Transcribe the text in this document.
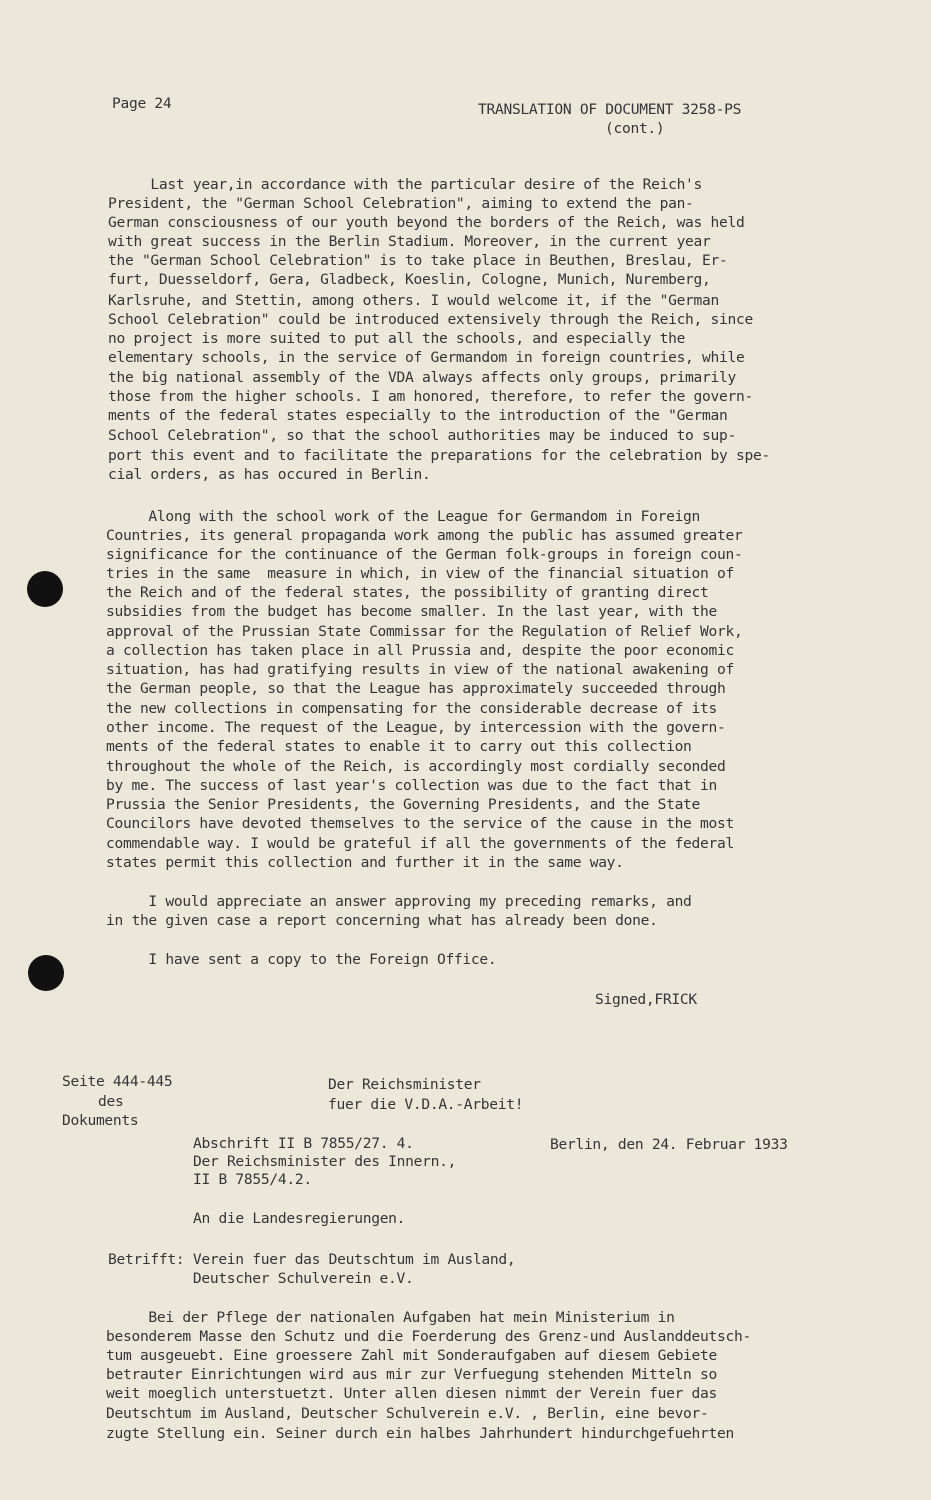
Page 24	TRANSLATION OF DOCUMENT 3258-PS
(cont.)
Last year,in accordance with the particular desire of the Reich's
President, the "German School Celebration", aiming to extend the pan-
German consciousness of our youth beyond the borders of the Reich, was held
with great success in the Berlin Stadium. Moreover, in the current year
the "German School Celebration" is to take place in Beuthen, Breslau, Er-
furt, Duesseldorf, Gera, Gladbeck, Koeslin, Cologne, Munich, Nuremberg,
Karlsruhe, and Stettin, among others. I would welcome it, if the "German
School Celebration" could be introduced extensively through the Reich, since
no project is more suited to put all the schools, and especially the
elementary schools, in the service of Germandom in foreign countries, while
the big national assembly of the VDA always affects only groups, primarily
those from the higher schools. I am honored, therefore, to refer the govern-
ments of the federal states especially to the introduction of the "German
School Celebration", so that the school authorities may be induced to sup-
port this event and to facilitate the preparations for the celebration by spe-
cial orders, as has occured in Berlin.
Along with the school work of the League for Germandom in Foreign
Countries, its general propaganda work among the public has assumed greater
significance for the continuance of the German folk-groups in foreign coun-
tries in the same  measure in which, in view of the financial situation of
the Reich and of the federal states, the possibility of granting direct
subsidies from the budget has become smaller. In the last year, with the
approval of the Prussian State Commissar for the Regulation of Relief Work,
a collection has taken place in all Prussia and, despite the poor economic
situation, has had gratifying results in view of the national awakening of
the German people, so that the League has approximately succeeded through
the new collections in compensating for the considerable decrease of its
other income. The request of the League, by intercession with the govern-
ments of the federal states to enable it to carry out this collection
throughout the whole of the Reich, is accordingly most cordially seconded
by me. The success of last year's collection was due to the fact that in
Prussia the Senior Presidents, the Governing Presidents, and the State
Councilors have devoted themselves to the service of the cause in the most
commendable way. I would be grateful if all the governments of the federal
states permit this collection and further it in the same way.
I would appreciate an answer approving my preceding remarks, and
in the given case a report concerning what has already been done.
I have sent a copy to the Foreign Office.
Signed,FRICK
Seite 444-445
des
Dokuments
Der Reichsminister
fuer die V.D.A.-Arbeit!
Abschrift II B 7855/27. 4.
Der Reichsminister des Innern.,
II B 7855/4.2.
Berlin, den 24. Februar 1933
An die Landesregierungen.
Betrifft: Verein fuer das Deutschtum im Ausland,
Deutscher Schulverein e.V.
Bei der Pflege der nationalen Aufgaben hat mein Ministerium in
besonderem Masse den Schutz und die Foerderung des Grenz-und Auslanddeutsch-
tum ausgeuebt. Eine groessere Zahl mit Sonderaufgaben auf diesem Gebiete
betrauter Einrichtungen wird aus mir zur Verfuegung stehenden Mitteln so
weit moeglich unterstuetzt. Unter allen diesen nimmt der Verein fuer das
Deutschtum im Ausland, Deutscher Schulverein e.V. , Berlin, eine bevor-
zugte Stellung ein. Seiner durch ein halbes Jahrhundert hindurchgefuehrten
